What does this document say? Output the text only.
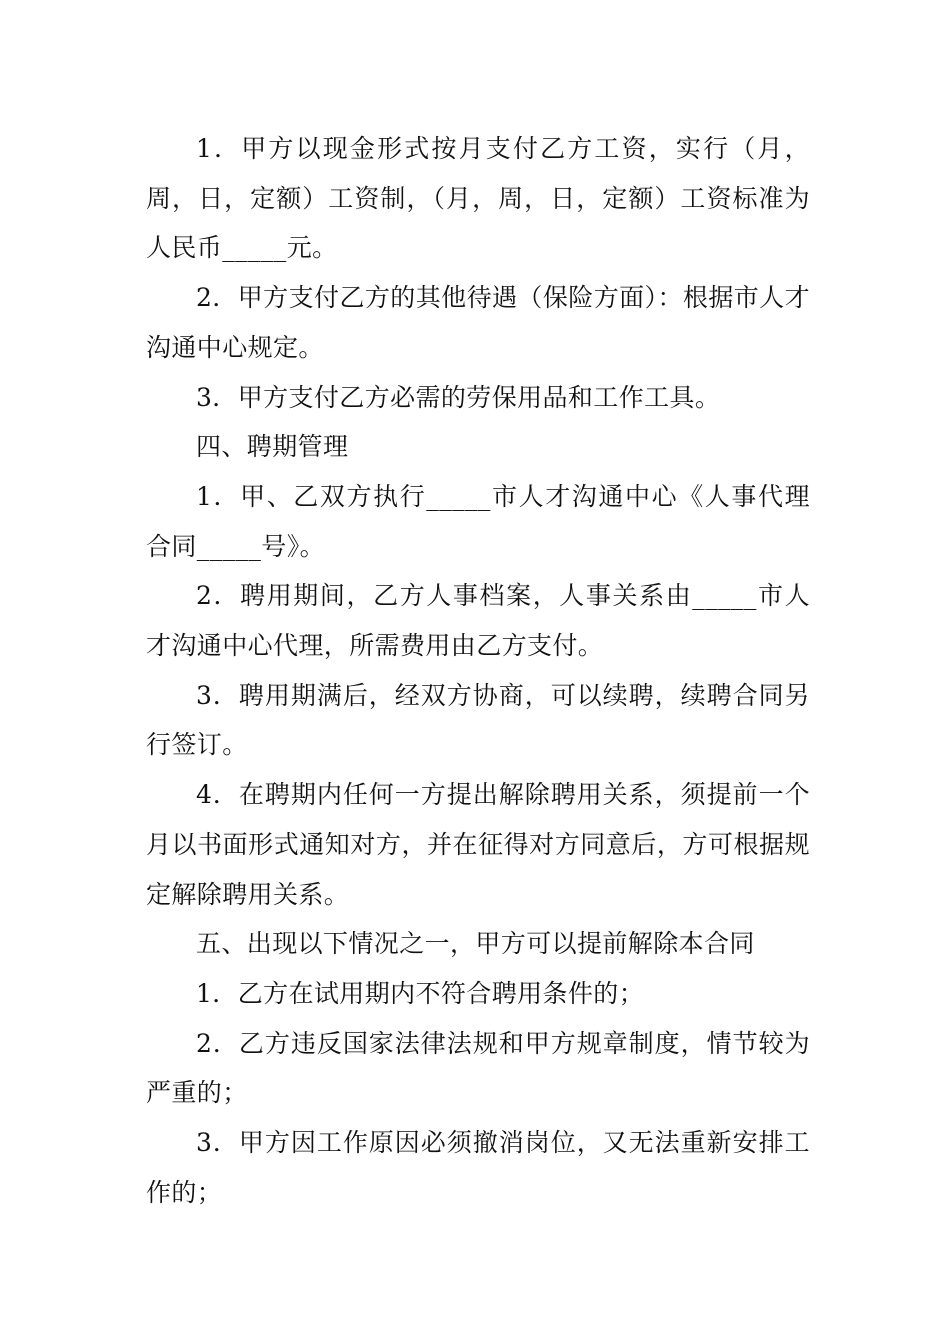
1．甲方以现金形式按月支付乙方工资，实行（月，周，日，定额）工资制，（月，周，日，定额）工资标准为人民币_____元。

2．甲方支付乙方的其他待遇（保险方面）：根据市人才沟通中心规定。

3．甲方支付乙方必需的劳保用品和工作工具。

四、聘期管理

1．甲、乙双方执行_____市人才沟通中心《人事代理合同_____号》。

2．聘用期间，乙方人事档案，人事关系由_____市人才沟通中心代理，所需费用由乙方支付。

3．聘用期满后，经双方协商，可以续聘，续聘合同另行签订。

4．在聘期内任何一方提出解除聘用关系，须提前一个月以书面形式通知对方，并在征得对方同意后，方可根据规定解除聘用关系。

五、出现以下情况之一，甲方可以提前解除本合同

1．乙方在试用期内不符合聘用条件的；

2．乙方违反国家法律法规和甲方规章制度，情节较为严重的；

3．甲方因工作原因必须撤消岗位，又无法重新安排工作的；
